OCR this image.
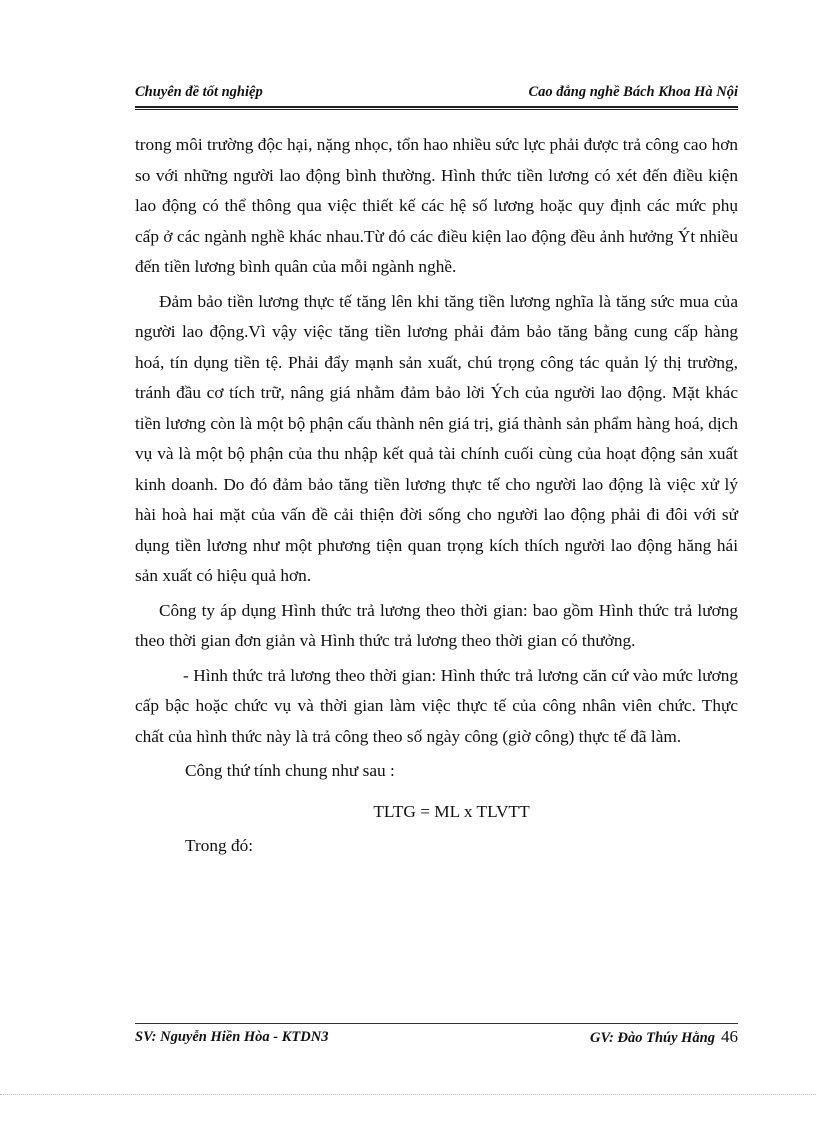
Chuyên đề tốt nghiệp	Cao đẳng nghề Bách Khoa Hà Nội

trong môi trường độc hại, nặng nhọc, tổn hao nhiều sức lực phải được trả công cao hơn so với những người lao động bình thường. Hình thức tiền lương có xét đến điều kiện lao động có thể thông qua việc thiết kế các hệ số lương hoặc quy định các mức phụ cấp ở các ngành nghề khác nhau.Từ đó các điều kiện lao động đều ảnh hưởng Ýt nhiều đến tiền lương bình quân của mỗi ngành nghề.

Đảm bảo tiền lương thực tế tăng lên khi tăng tiền lương nghĩa là tăng sức mua của người lao động.Vì vậy việc tăng tiền lương phải đảm bảo tăng bằng cung cấp hàng hoá, tín dụng tiền tệ. Phải đẩy mạnh sản xuất, chú trọng công tác quản lý thị trường, tránh đầu cơ tích trữ, nâng giá nhằm đảm bảo lời Ých của người lao động. Mặt khác tiền lương còn là một bộ phận cấu thành nên giá trị, giá thành sản phẩm hàng hoá, dịch vụ và là một bộ phận của thu nhập kết quả tài chính cuối cùng của hoạt động sản xuất kinh doanh. Do đó đảm bảo tăng tiền lương thực tế cho người lao động là việc xử lý hài hoà hai mặt của vấn đề cải thiện đời sống cho người lao động phải đi đôi với sử dụng tiền lương như một phương tiện quan trọng kích thích người lao động hăng hái sản xuất có hiệu quả hơn.

Công ty áp dụng Hình thức trả lương theo thời gian: bao gồm Hình thức trả lương theo thời gian đơn giản và Hình thức trả lương theo thời gian có thưởng.

- Hình thức trả lương theo thời gian: Hình thức trả lương căn cứ vào mức lương cấp bậc hoặc chức vụ và thời gian làm việc thực tế của công nhân viên chức. Thực chất của hình thức này là trả công theo số ngày công (giờ công) thực tế đã làm.

Công thứ tính chung như sau :

TLTG = ML x TLVTT

Trong đó:

SV: Nguyễn Hiền Hòa - KTDN3	GV: Đào Thúy Hằng 46
